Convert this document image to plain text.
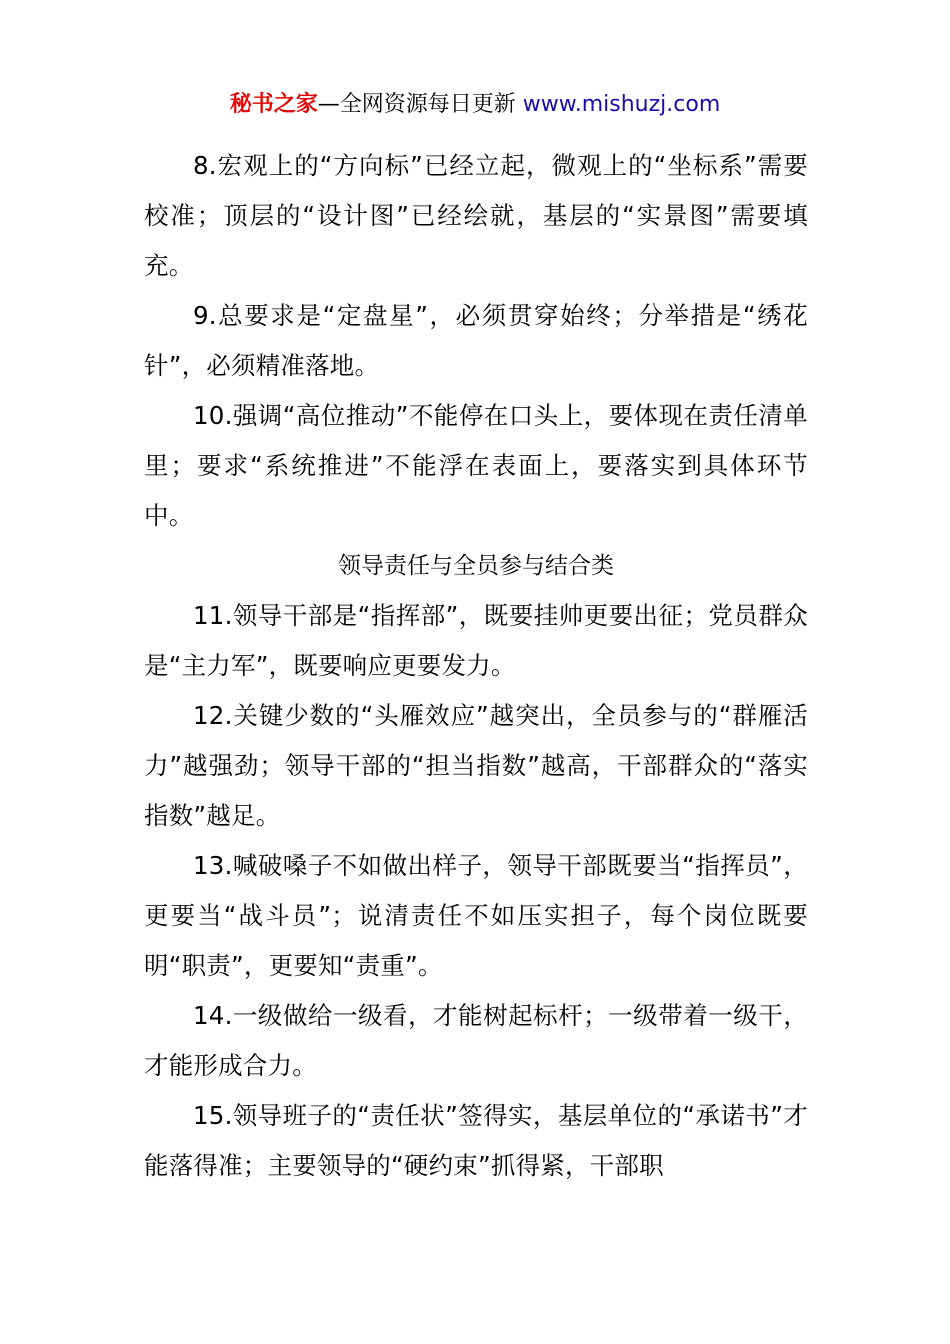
秘书之家—全网资源每日更新 www.mishuzj.com

8.宏观上的“方向标”已经立起，微观上的“坐标系”需要校准；顶层的“设计图”已经绘就，基层的“实景图”需要填充。

9.总要求是“定盘星”，必须贯穿始终；分举措是“绣花针”，必须精准落地。

10.强调“高位推动”不能停在口头上，要体现在责任清单里；要求“系统推进”不能浮在表面上，要落实到具体环节中。

领导责任与全员参与结合类

11.领导干部是“指挥部”，既要挂帅更要出征；党员群众是“主力军”，既要响应更要发力。

12.关键少数的“头雁效应”越突出，全员参与的“群雁活力”越强劲；领导干部的“担当指数”越高，干部群众的“落实指数”越足。

13.喊破嗓子不如做出样子，领导干部既要当“指挥员”，更要当“战斗员”；说清责任不如压实担子，每个岗位既要明“职责”，更要知“责重”。

14.一级做给一级看，才能树起标杆；一级带着一级干，才能形成合力。

15.领导班子的“责任状”签得实，基层单位的“承诺书”才能落得准；主要领导的“硬约束”抓得紧，干部职
